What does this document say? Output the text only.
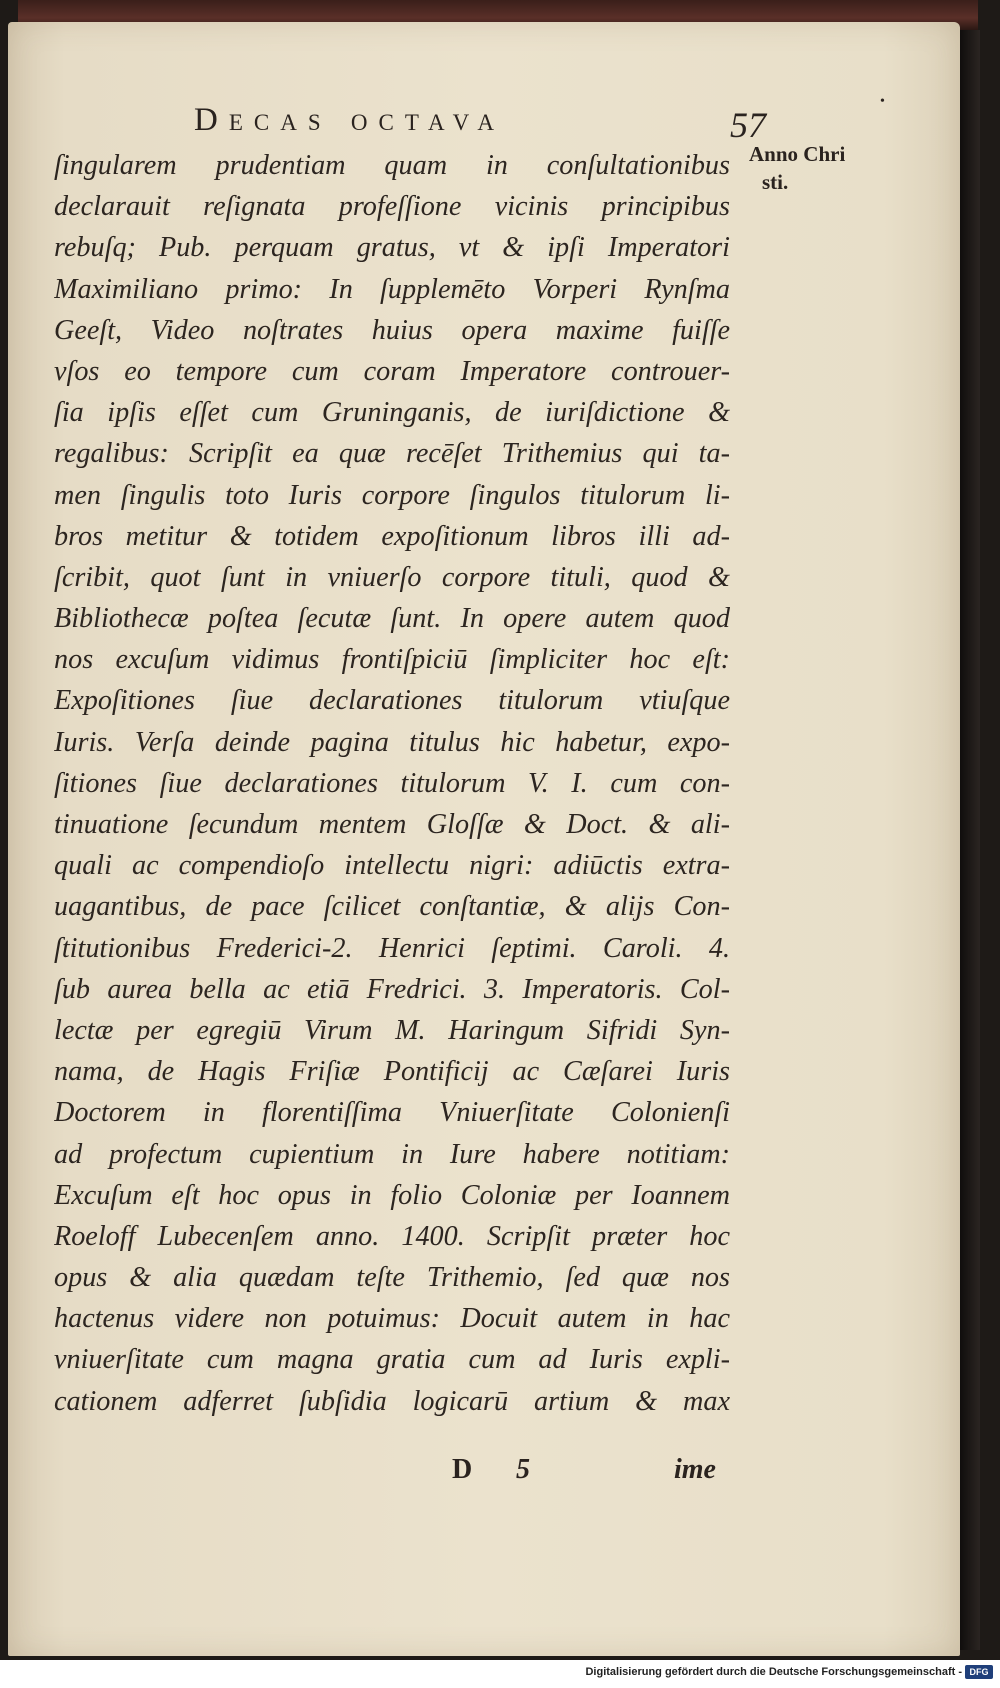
Decas octava	57
•
Anno Chri
sti.
ſingularem prudentiam quam in conſultationibus
declarauit reſignata profeſſione vicinis principibus
rebuſq; Pub. perquam gratus, vt & ipſi Imperatori
Maximiliano primo: In ſupplemēto Vorperi Rynſma
Geeſt, Video noſtrates huius opera maxime fuiſſe
vſos eo tempore cum coram Imperatore controuer-
ſia ipſis eſſet cum Gruninganis, de iuriſdictione &
regalibus: Scripſit ea quæ recēſet Trithemius qui ta-
men ſingulis toto Iuris corpore ſingulos titulorum li-
bros metitur & totidem expoſitionum libros illi ad-
ſcribit, quot ſunt in vniuerſo corpore tituli, quod &
Bibliothecæ poſtea ſecutæ ſunt. In opere autem quod
nos excuſum vidimus frontiſpiciū ſimpliciter hoc eſt:
Expoſitiones ſiue declarationes titulorum vtiuſque
Iuris. Verſa deinde pagina titulus hic habetur, expo-
ſitiones ſiue declarationes titulorum V. I. cum con-
tinuatione ſecundum mentem Gloſſæ & Doct. & ali-
quali ac compendioſo intellectu nigri: adiūctis extra-
uagantibus, de pace ſcilicet conſtantiæ, & alijs Con-
ſtitutionibus Frederici-2. Henrici ſeptimi. Caroli. 4.
ſub aurea bella ac etiā Fredrici. 3. Imperatoris. Col-
lectæ per egregiū Virum M. Haringum Sifridi Syn-
nama, de Hagis Friſiæ Pontificij ac Cæſarei Iuris
Doctorem in florentiſſima Vniuerſitate Colonienſi
ad profectum cupientium in Iure habere notitiam:
Excuſum eſt hoc opus in folio Coloniæ per Ioannem
Roeloff Lubecenſem anno. 1400. Scripſit præter hoc
opus & alia quædam teſte Trithemio, ſed quæ nos
hactenus videre non potuimus: Docuit autem in hac
vniuerſitate cum magna gratia cum ad Iuris expli-
cationem adferret ſubſidia logicarū artium & max
D 5	ime
Digitalisierung gefördert durch die Deutsche Forschungsgemeinschaft - DFG
